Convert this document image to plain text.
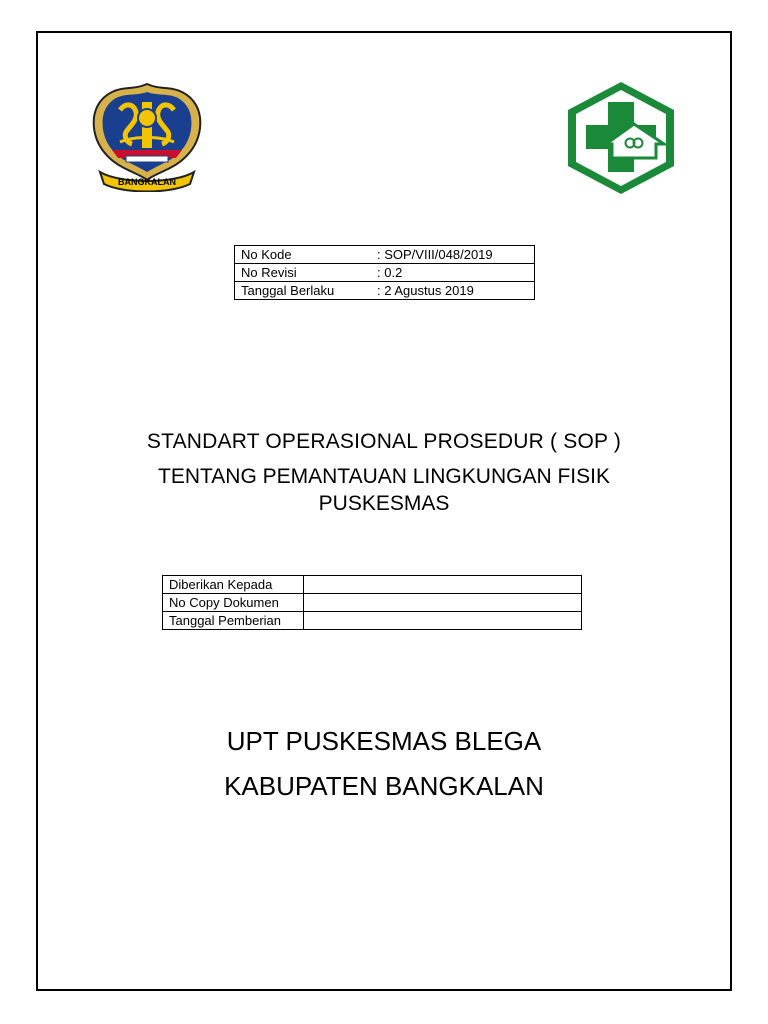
BANGKALAN
No Kode	: SOP/VIII/048/2019
No Revisi	: 0.2
Tanggal Berlaku	: 2 Agustus 2019
STANDART OPERASIONAL PROSEDUR ( SOP )
TENTANG PEMANTAUAN LINGKUNGAN FISIK PUSKESMAS
Diberikan Kepada	
No Copy Dokumen	
Tanggal Pemberian	
UPT PUSKESMAS BLEGA
KABUPATEN BANGKALAN
